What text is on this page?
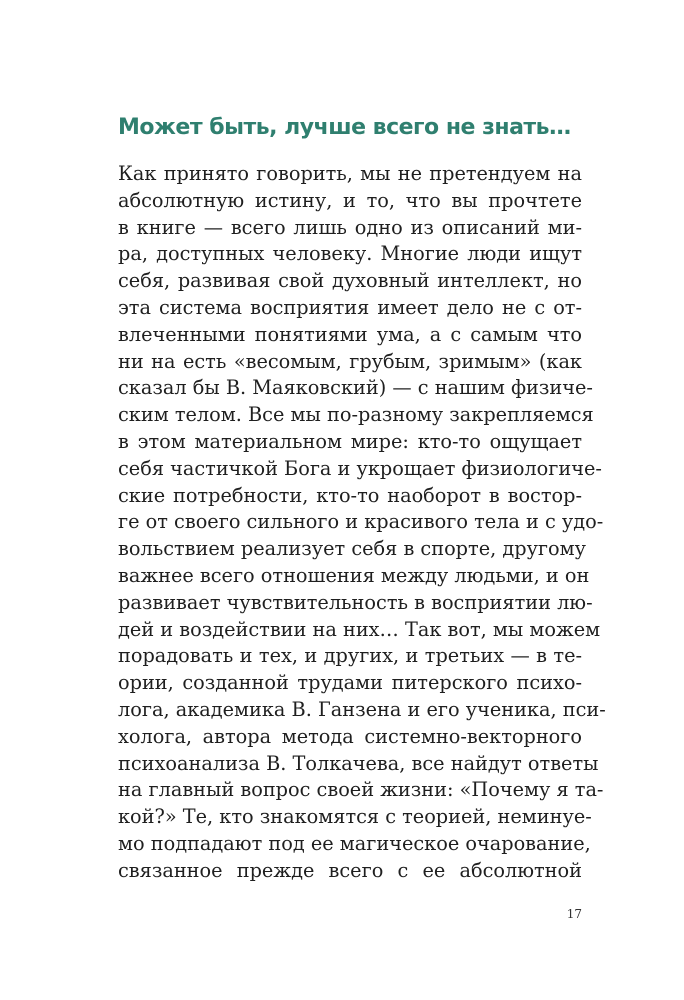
Может быть, лучше всего не знать…
Как принято говорить, мы не претендуем на
абсолютную истину, и то, что вы прочтете
в книге — всего лишь одно из описаний ми-
ра, доступных человеку. Многие люди ищут
себя, развивая свой духовный интеллект, но
эта система восприятия имеет дело не с от-
влеченными понятиями ума, а с самым что
ни на есть «весомым, грубым, зримым» (как
сказал бы В. Маяковский) — с нашим физиче-
ским телом. Все мы по-разному закрепляемся
в этом материальном мире: кто-то ощущает
себя частичкой Бога и укрощает физиологиче-
ские потребности, кто-то наоборот в востор-
ге от своего сильного и красивого тела и с удо-
вольствием реализует себя в спорте, другому
важнее всего отношения между людьми, и он
развивает чувствительность в восприятии лю-
дей и воздействии на них… Так вот, мы можем
порадовать и тех, и других, и третьих — в те-
ории, созданной трудами питерского психо-
лога, академика В. Ганзена и его ученика, пси-
холога, автора метода системно-векторного
психоанализа В. Толкачева, все найдут ответы
на главный вопрос своей жизни: «Почему я та-
кой?» Те, кто знакомятся с теорией, неминуе-
мо подпадают под ее магическое очарование,
связанное прежде всего с ее абсолютной
17
